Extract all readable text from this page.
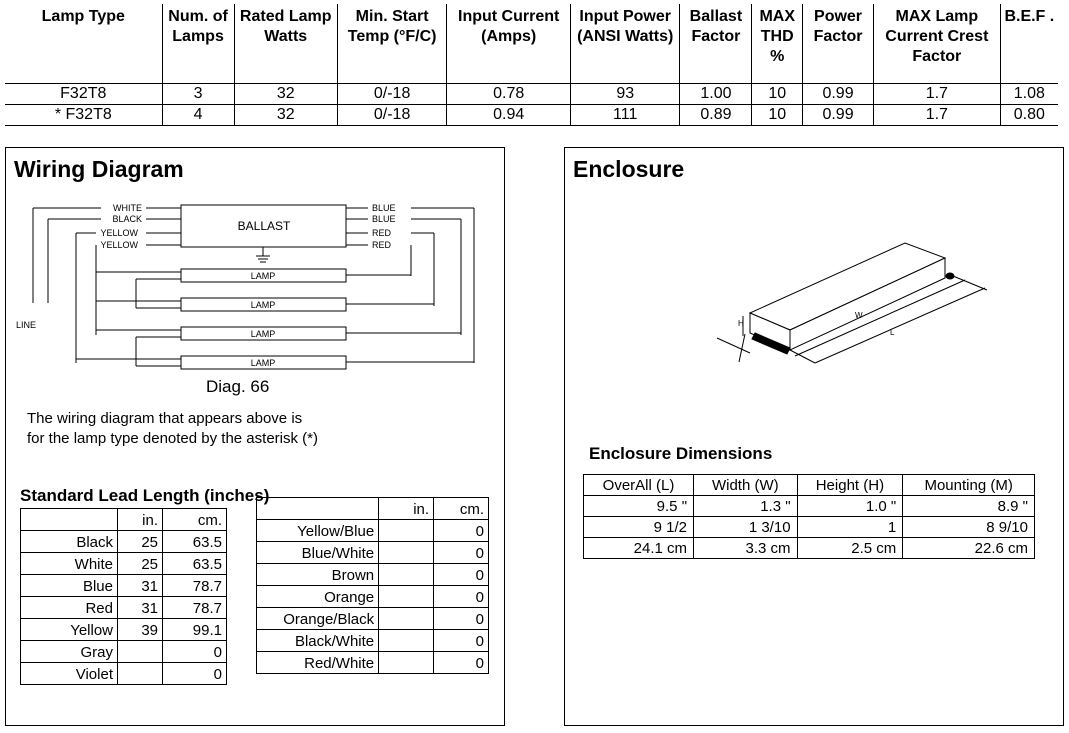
Lamp Type	Num. of Lamps	Rated Lamp Watts	Min. Start Temp (°F/C)	Input Current (Amps)	Input Power (ANSI Watts)	Ballast Factor	MAX THD %	Power Factor	MAX Lamp Current Crest Factor	B.E.F .
F32T8	3	32	0/-18	0.78	93	1.00	10	0.99	1.7	1.08
* F32T8	4	32	0/-18	0.94	111	0.89	10	0.99	1.7	0.80
Wiring Diagram
BALLAST
LINE
WHITE
BLACK
YELLOW
YELLOW
BLUE
BLUE
RED
RED
LAMP
LAMP
LAMP
LAMP
Diag. 66
The wiring diagram that appears above is
for the lamp type denoted by the asterisk (*)
Standard Lead Length (inches)
	in.	cm.
Black	25	63.5
White	25	63.5
Blue	31	78.7
Red	31	78.7
Yellow	39	99.1
Gray		0
Violet		0
	in.	cm.
Yellow/Blue		0
Blue/White		0
Brown		0
Orange		0
Orange/Black		0
Black/White		0
Red/White		0
Enclosure
H
W
L
Enclosure Dimensions
OverAll (L)	Width (W)	Height (H)	Mounting (M)
9.5 "	1.3 "	1.0 "	8.9 "
9 1/2	1 3/10	1	8 9/10
24.1 cm	3.3 cm	2.5 cm	22.6 cm
